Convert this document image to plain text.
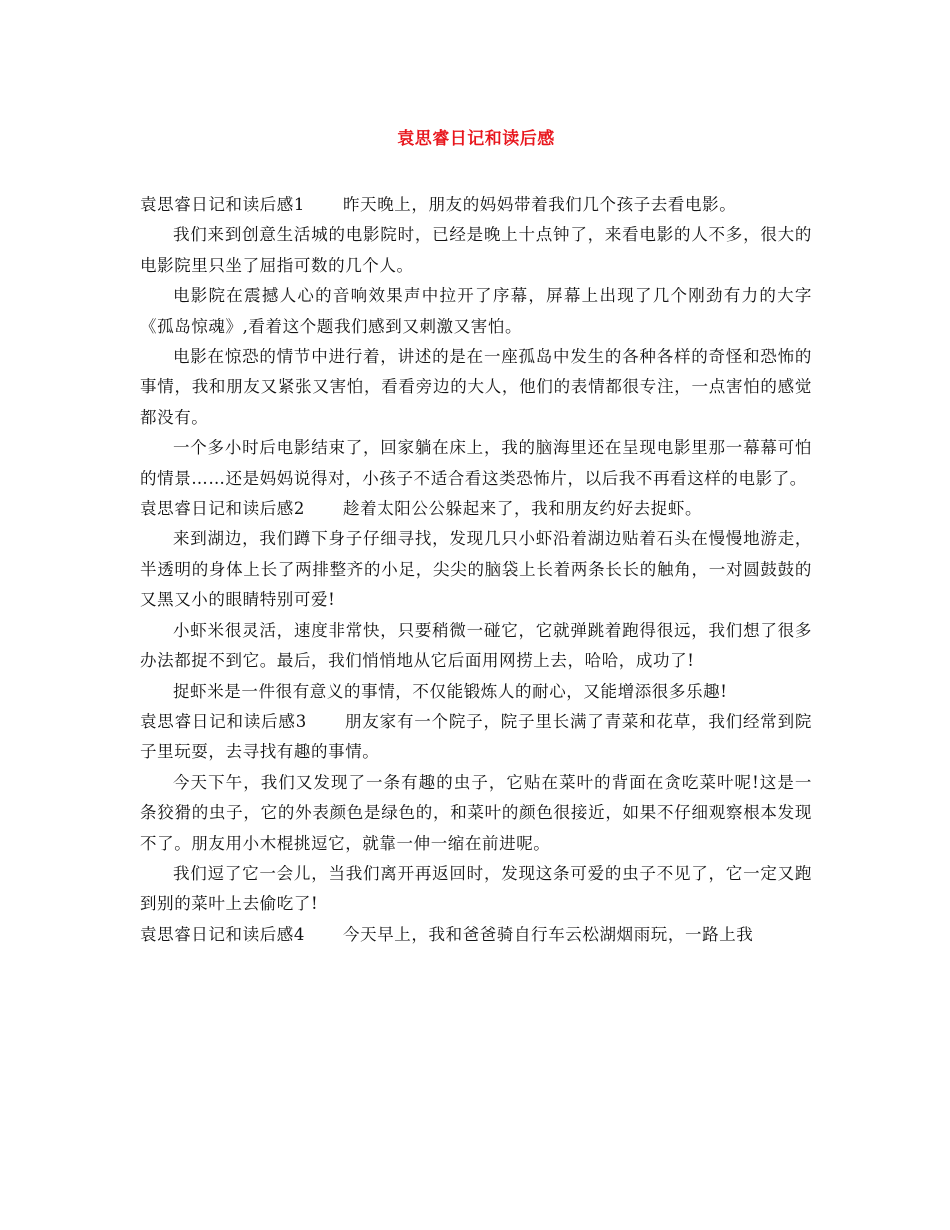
袁思睿日记和读后感

袁思睿日记和读后感1 昨天晚上，朋友的妈妈带着我们几个孩子去看电影。

我们来到创意生活城的电影院时，已经是晚上十点钟了，来看电影的人不多，很大的电影院里只坐了屈指可数的几个人。

电影院在震撼人心的音响效果声中拉开了序幕，屏幕上出现了几个刚劲有力的大字《孤岛惊魂》,看着这个题我们感到又刺激又害怕。

电影在惊恐的情节中进行着，讲述的是在一座孤岛中发生的各种各样的奇怪和恐怖的事情，我和朋友又紧张又害怕，看看旁边的大人，他们的表情都很专注，一点害怕的感觉都没有。

一个多小时后电影结束了，回家躺在床上，我的脑海里还在呈现电影里那一幕幕可怕的情景……还是妈妈说得对，小孩子不适合看这类恐怖片，以后我不再看这样的电影了。

袁思睿日记和读后感2 趁着太阳公公躲起来了，我和朋友约好去捉虾。

来到湖边，我们蹲下身子仔细寻找，发现几只小虾沿着湖边贴着石头在慢慢地游走，半透明的身体上长了两排整齐的小足，尖尖的脑袋上长着两条长长的触角，一对圆鼓鼓的又黑又小的眼睛特别可爱!

小虾米很灵活，速度非常快，只要稍微一碰它，它就弹跳着跑得很远，我们想了很多办法都捉不到它。最后，我们悄悄地从它后面用网捞上去，哈哈，成功了!

捉虾米是一件很有意义的事情，不仅能锻炼人的耐心，又能增添很多乐趣!

袁思睿日记和读后感3 朋友家有一个院子，院子里长满了青菜和花草，我们经常到院子里玩耍，去寻找有趣的事情。

今天下午，我们又发现了一条有趣的虫子，它贴在菜叶的背面在贪吃菜叶呢!这是一条狡猾的虫子，它的外表颜色是绿色的，和菜叶的颜色很接近，如果不仔细观察根本发现不了。朋友用小木棍挑逗它，就靠一伸一缩在前进呢。

我们逗了它一会儿，当我们离开再返回时，发现这条可爱的虫子不见了，它一定又跑到别的菜叶上去偷吃了!

袁思睿日记和读后感4 今天早上，我和爸爸骑自行车云松湖烟雨玩，一路上我
